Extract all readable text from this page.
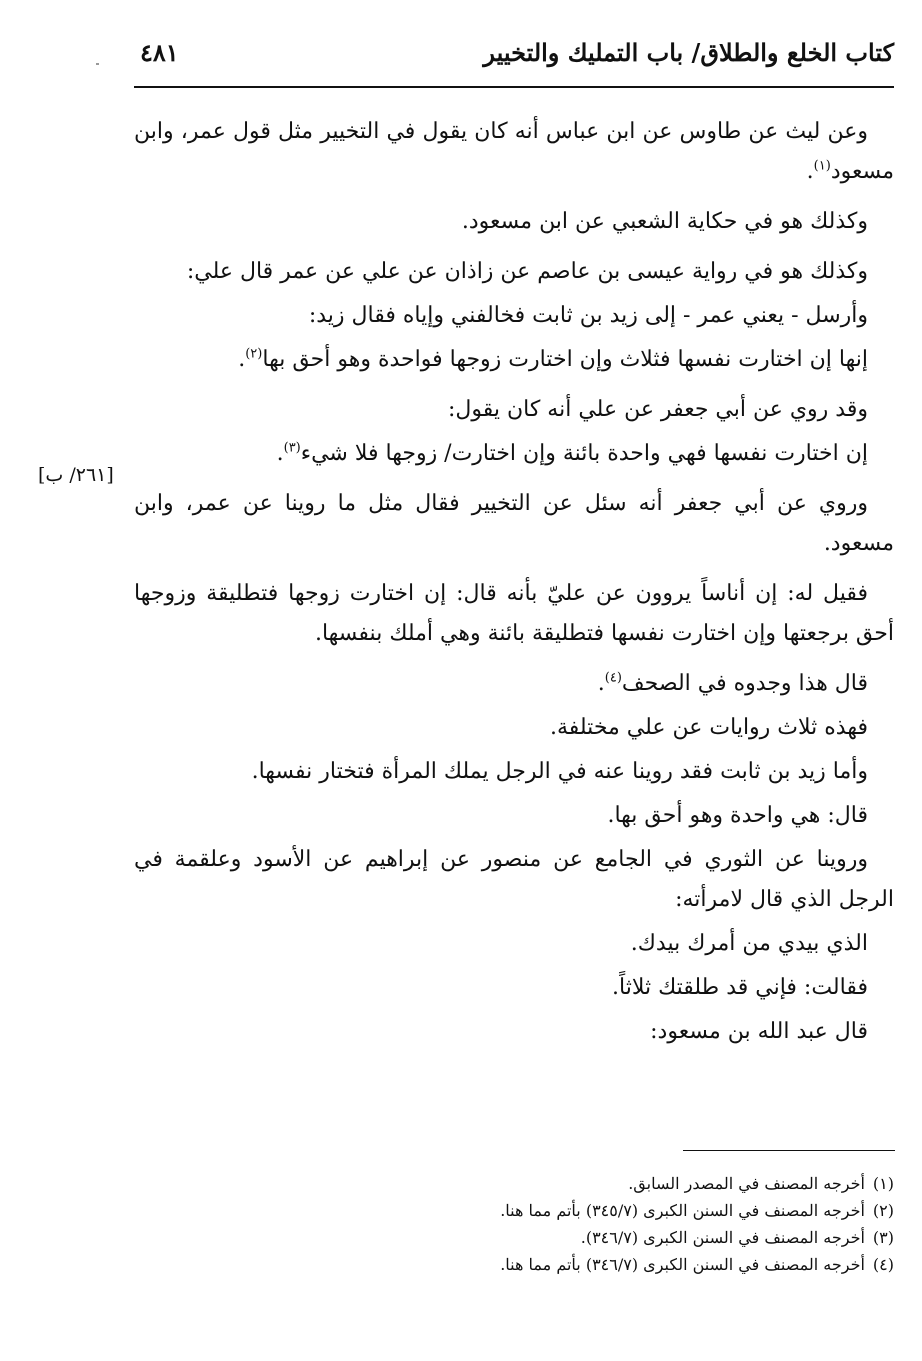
كتاب الخلع والطلاق/ باب التمليك والتخيير
٤٨١
[٢٦١/ ب]

وعن ليث عن طاوس عن ابن عباس أنه كان يقول في التخيير مثل قول عمر، وابن مسعود$^{(١)}$.

وكذلك هو في حكاية الشعبي عن ابن مسعود.

وكذلك هو في رواية عيسى بن عاصم عن زاذان عن علي عن عمر قال علي:

وأرسل - يعني عمر - إلى زيد بن ثابت فخالفني وإياه فقال زيد:

إنها إن اختارت نفسها فثلاث وإن اختارت زوجها فواحدة وهو أحق بها$^{(٢)}$.

وقد روي عن أبي جعفر عن علي أنه كان يقول:

إن اختارت نفسها فهي واحدة بائنة وإن اختارت/ زوجها فلا شيء$^{(٣)}$.

وروي عن أبي جعفر أنه سئل عن التخيير فقال مثل ما روينا عن عمر، وابن مسعود.

فقيل له: إن أناساً يروون عن عليّ بأنه قال: إن اختارت زوجها فتطليقة وزوجها أحق برجعتها وإن اختارت نفسها فتطليقة بائنة وهي أملك بنفسها.

قال هذا وجدوه في الصحف$^{(٤)}$.

فهذه ثلاث روايات عن علي مختلفة.

وأما زيد بن ثابت فقد روينا عنه في الرجل يملك المرأة فتختار نفسها.

قال: هي واحدة وهو أحق بها.

وروينا عن الثوري في الجامع عن منصور عن إبراهيم عن الأسود وعلقمة في الرجل الذي قال لامرأته:

الذي بيدي من أمرك بيدك.

فقالت: فإني قد طلقتك ثلاثاً.

قال عبد الله بن مسعود:

(١)
أخرجه المصنف في المصدر السابق.
(٢)
أخرجه المصنف في السنن الكبرى (٣٤٥/٧) بأتم مما هنا.
(٣)
أخرجه المصنف في السنن الكبرى (٣٤٦/٧).
(٤)
أخرجه المصنف في السنن الكبرى (٣٤٦/٧) بأتم مما هنا.
